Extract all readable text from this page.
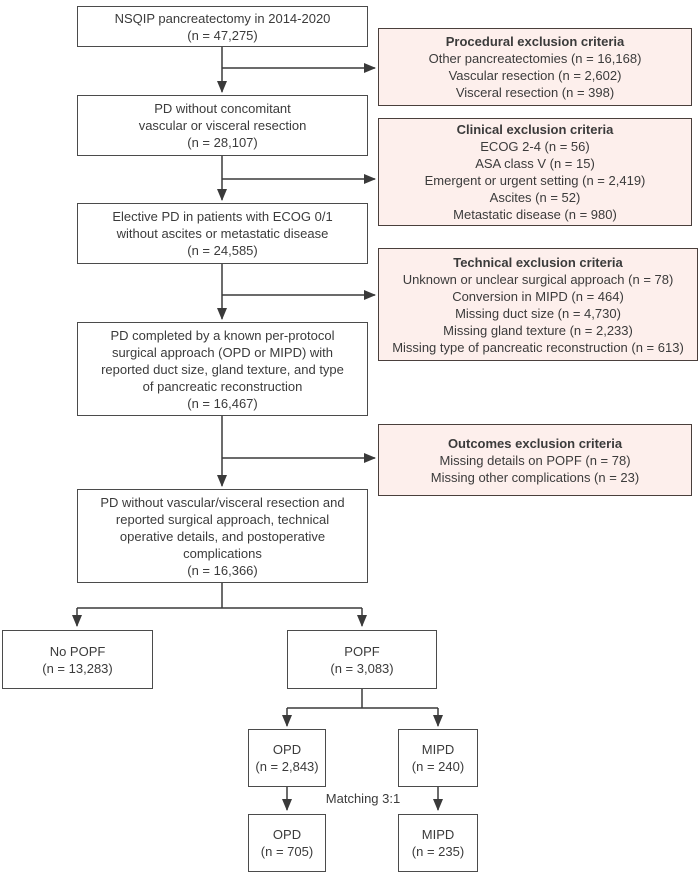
NSQIP pancreatectomy in 2014-2020
(n = 47,275)	Procedural exclusion criteria
Other pancreatectomies (n = 16,168)
Vascular resection (n = 2,602)
Visceral resection (n = 398)
PD without concomitant
vascular or visceral resection
(n = 28,107)
Clinical exclusion criteria
ECOG 2-4 (n = 56)
ASA class V (n = 15)
Emergent or urgent setting (n = 2,419)
Ascites (n = 52)
Metastatic disease (n = 980)
Elective PD in patients with ECOG 0/1
without ascites or metastatic disease
(n = 24,585)
Technical exclusion criteria
Unknown or unclear surgical approach (n = 78)
Conversion in MIPD (n = 464)
Missing duct size (n = 4,730)
Missing gland texture (n = 2,233)
Missing type of pancreatic reconstruction (n = 613)
PD completed by a known per-protocol
surgical approach (OPD or MIPD) with
reported duct size, gland texture, and type
of pancreatic reconstruction
(n = 16,467)
Outcomes exclusion criteria
Missing details on POPF (n = 78)
Missing other complications (n = 23)
PD without vascular/visceral resection and
reported surgical approach, technical
operative details, and postoperative
complications
(n = 16,366)
No POPF
(n = 13,283)
POPF
(n = 3,083)
OPD
(n = 2,843)
MIPD
(n = 240)
Matching 3:1
OPD
(n = 705)
MIPD
(n = 235)
